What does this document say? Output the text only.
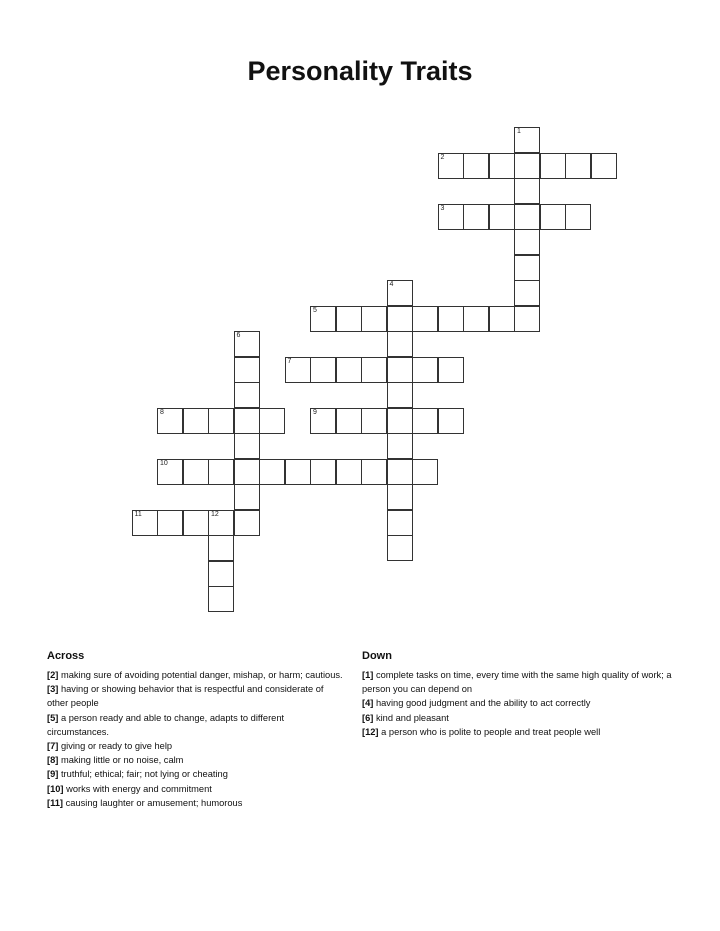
Personality Traits
1
2
3
4
5
6
7
8	9
10
11	12
Across
[2] making sure of avoiding potential danger, mishap, or harm; cautious.
[3] having or showing behavior that is respectful and considerate of other people
[5] a person ready and able to change, adapts to different circumstances.
[7] giving or ready to give help
[8] making little or no noise, calm
[9] truthful; ethical; fair; not lying or cheating
[10] works with energy and commitment
[11] causing laughter or amusement; humorous
Down
[1] complete tasks on time, every time with the same high quality of work; a person you can depend on
[4] having good judgment and the ability to act correctly
[6] kind and pleasant
[12] a person who is polite to people and treat people well
